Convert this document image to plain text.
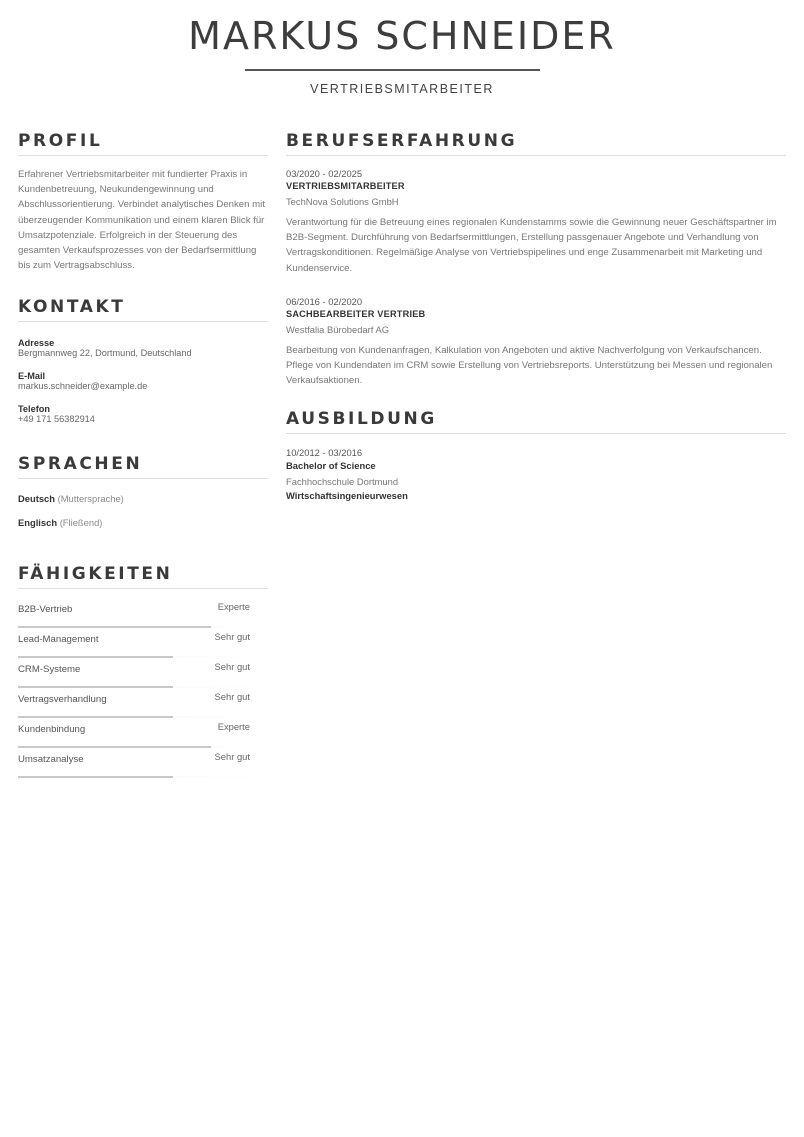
MARKUS SCHNEIDER
VERTRIEBSMITARBEITER
PROFIL
Erfahrener Vertriebsmitarbeiter mit fundierter Praxis in Kundenbetreuung, Neukundengewinnung und Abschlussorientierung. Verbindet analytisches Denken mit überzeugender Kommunikation und einem klaren Blick für Umsatzpotenziale. Erfolgreich in der Steuerung des gesamten Verkaufsprozesses von der Bedarfsermittlung bis zum Vertragsabschluss.
KONTAKT
Adresse
Bergmannweg 22, Dortmund, Deutschland
E-Mail
markus.schneider@example.de
Telefon
+49 171 56382914
SPRACHEN
Deutsch (Muttersprache)
Englisch (Fließend)
FÄHIGKEITEN
B2B-Vertrieb	Experte
Lead-Management	Sehr gut
CRM-Systeme	Sehr gut
Vertragsverhandlung	Sehr gut
Kundenbindung	Experte
Umsatzanalyse	Sehr gut
BERUFSERFAHRUNG
03/2020 - 02/2025
VERTRIEBSMITARBEITER
TechNova Solutions GmbH
Verantwortung für die Betreuung eines regionalen Kundenstamms sowie die Gewinnung neuer Geschäftspartner im B2B-Segment. Durchführung von Bedarfsermittlungen, Erstellung passgenauer Angebote und Verhandlung von Vertragskonditionen. Regelmäßige Analyse von Vertriebspipelines und enge Zusammenarbeit mit Marketing und Kundenservice.
06/2016 - 02/2020
SACHBEARBEITER VERTRIEB
Westfalia Bürobedarf AG
Bearbeitung von Kundenanfragen, Kalkulation von Angeboten und aktive Nachverfolgung von Verkaufschancen. Pflege von Kundendaten im CRM sowie Erstellung von Vertriebsreports. Unterstützung bei Messen und regionalen Verkaufsaktionen.
AUSBILDUNG
10/2012 - 03/2016
Bachelor of Science
Fachhochschule Dortmund
Wirtschaftsingenieurwesen
